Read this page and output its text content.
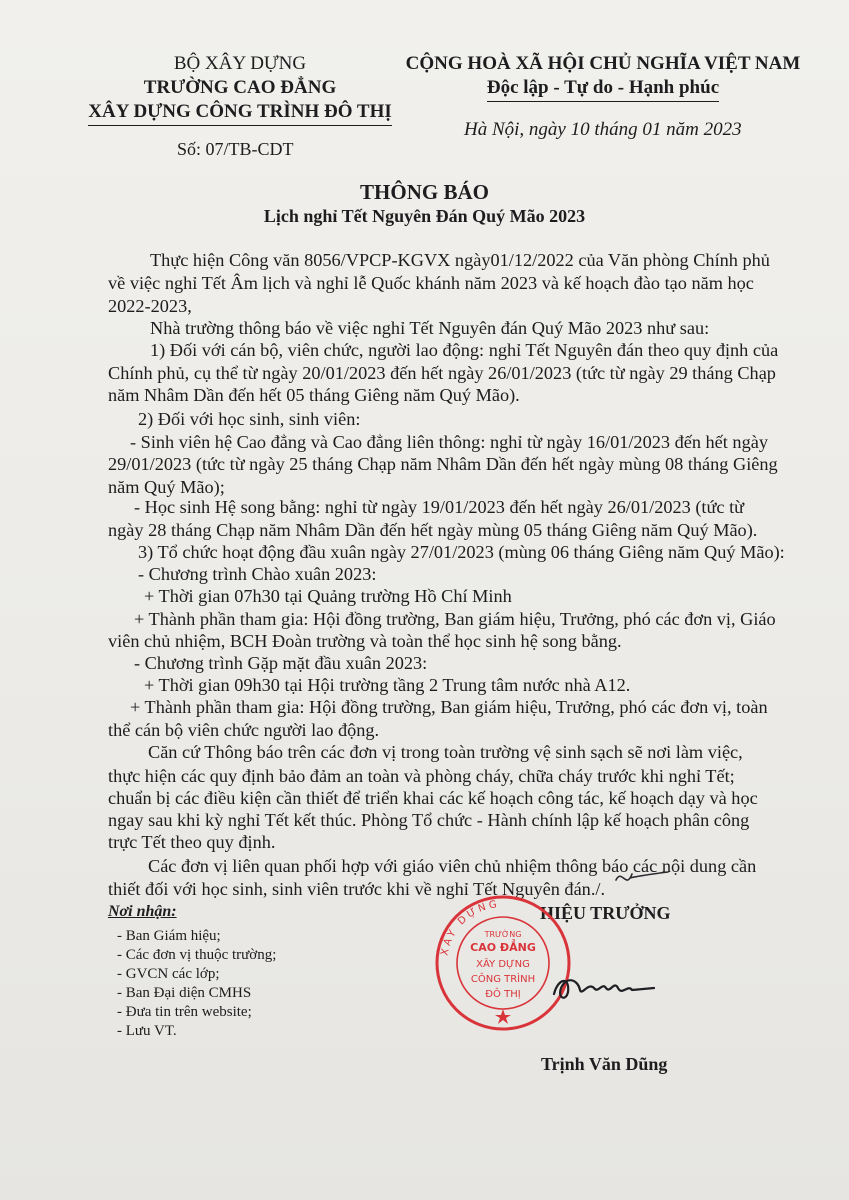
BỘ XÂY DỰNG
TRƯỜNG CAO ĐẲNG
XÂY DỰNG CÔNG TRÌNH ĐÔ THỊ
Số: 07/TB-CDT
CỘNG HOÀ XÃ HỘI CHỦ NGHĨA VIỆT NAM
Độc lập - Tự do - Hạnh phúc
Hà Nội, ngày 10 tháng 01 năm 2023
THÔNG BÁO
Lịch nghỉ Tết Nguyên Đán Quý Mão 2023
Thực hiện Công văn 8056/VPCP-KGVX ngày01/12/2022 của Văn phòng Chính phủ
về việc nghỉ Tết Âm lịch và nghỉ lễ Quốc khánh năm 2023 và kế hoạch đào tạo năm học
2022-2023,
Nhà trường thông báo về việc nghỉ Tết Nguyên đán Quý Mão 2023 như sau:
1) Đối với cán bộ, viên chức, người lao động: nghỉ Tết Nguyên đán theo quy định của
Chính phủ, cụ thể từ ngày 20/01/2023 đến hết ngày 26/01/2023 (tức từ ngày 29 tháng Chạp
năm Nhâm Dần đến hết 05 tháng Giêng năm Quý Mão).
2) Đối với học sinh, sinh viên:
- Sinh viên hệ Cao đẳng và Cao đẳng liên thông: nghỉ từ ngày 16/01/2023 đến hết ngày
29/01/2023 (tức từ ngày 25 tháng Chạp năm Nhâm Dần đến hết ngày mùng 08 tháng Giêng
năm Quý Mão);
- Học sinh Hệ song bằng: nghỉ từ ngày 19/01/2023 đến hết ngày 26/01/2023 (tức từ
ngày 28 tháng Chạp năm Nhâm Dần đến hết ngày mùng 05 tháng Giêng năm Quý Mão).
3) Tổ chức hoạt động đầu xuân ngày 27/01/2023 (mùng 06 tháng Giêng năm Quý Mão):
- Chương trình Chào xuân 2023:
+ Thời gian 07h30 tại Quảng trường Hồ Chí Minh
+ Thành phần tham gia: Hội đồng trường, Ban giám hiệu, Trưởng, phó các đơn vị, Giáo
viên chủ nhiệm, BCH Đoàn trường và toàn thể học sinh hệ song bằng.
- Chương trình Gặp mặt đầu xuân 2023:
+ Thời gian 09h30 tại Hội trường tầng 2 Trung tâm nước nhà A12.
+ Thành phần tham gia: Hội đồng trường, Ban giám hiệu, Trưởng, phó các đơn vị, toàn
thể cán bộ viên chức người lao động.
Căn cứ Thông báo trên các đơn vị trong toàn trường vệ sinh sạch sẽ nơi làm việc,
thực hiện các quy định bảo đảm an toàn và phòng cháy, chữa cháy trước khi nghỉ Tết;
chuẩn bị các điều kiện cần thiết để triển khai các kế hoạch công tác, kế hoạch dạy và học
ngay sau khi kỳ nghỉ Tết kết thúc. Phòng Tổ chức - Hành chính lập kế hoạch phân công
trực Tết theo quy định.
Các đơn vị liên quan phối hợp với giáo viên chủ nhiệm thông báo các nội dung cần
thiết đối với học sinh, sinh viên trước khi về nghỉ Tết Nguyên đán./.
Nơi nhận:
- Ban Giám hiệu;
- Các đơn vị thuộc trường;
- GVCN các lớp;
- Ban Đại diện CMHS
- Đưa tin trên website;
- Lưu VT.
HIỆU TRƯỞNG
XÂY DỰNG
TRƯỜNG
CAO ĐẲNG
XÂY DỰNG
CÔNG TRÌNH
ĐÔ THỊ
Trịnh Văn Dũng
